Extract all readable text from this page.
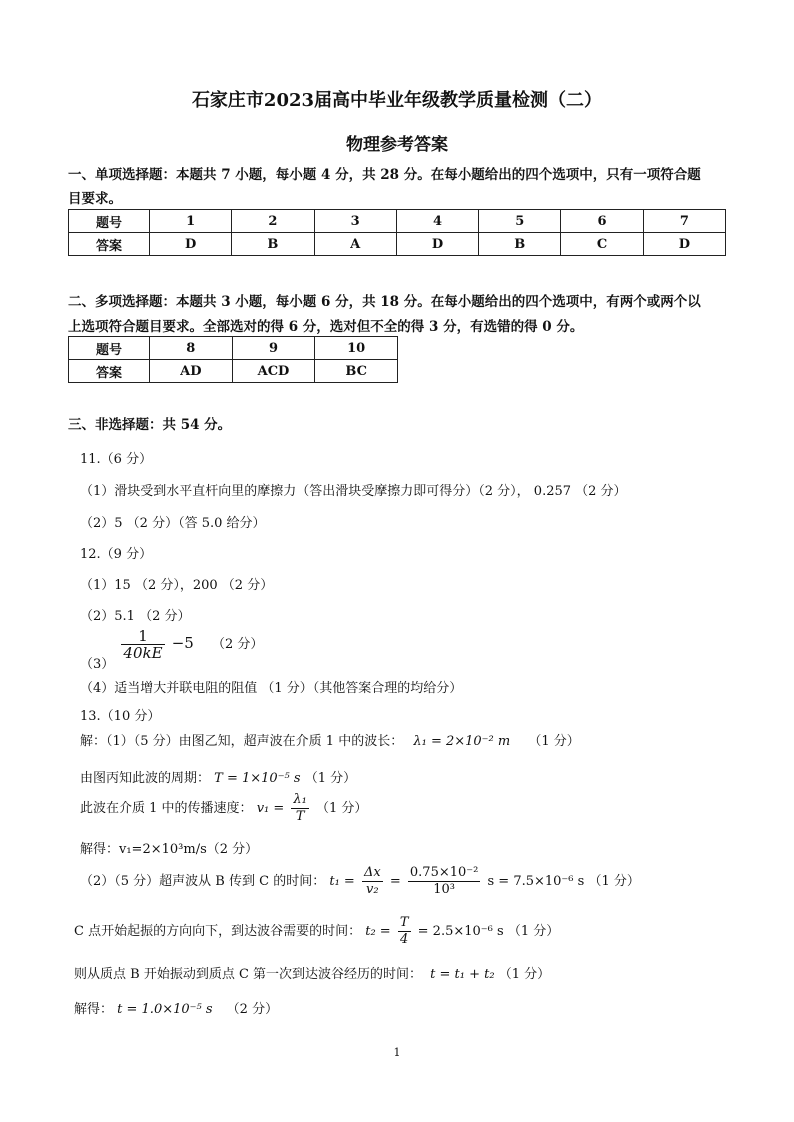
石家庄市2023届高中毕业年级教学质量检测（二）
物理参考答案
一、单项选择题：本题共 7 小题，每小题 4 分，共 28 分。在每小题给出的四个选项中，只有一项符合题
目要求。
题号	1	2	3	4	5	6	7
答案	D	B	A	D	B	C	D
二、多项选择题：本题共 3 小题，每小题 6 分，共 18 分。在每小题给出的四个选项中，有两个或两个以
上选项符合题目要求。全部选对的得 6 分，选对但不全的得 3 分，有选错的得 0 分。
题号	8	9	10
答案	AD	ACD	BC
三、非选择题：共 54 分。
11.（6 分）
（1）滑块受到水平直杆向里的摩擦力（答出滑块受摩擦力即可得分）（2 分）， 0.257 （2 分）
（2）5 （2 分）（答 5.0 给分）
12.（9 分）
（1）15 （2 分），200 （2 分）
（2）5.1 （2 分）
（3）
$\frac{1}{40kE} -5$ （2 分）
（4）适当增大并联电阻的阻值 （1 分）（其他答案合理的均给分）
13.（10 分）
解：（1）（5 分）由图乙知，超声波在介质 1 中的波长： λ₁ = 2×10⁻² m （1 分）
由图丙知此波的周期： T = 1×10⁻⁵ s （1 分）
此波在介质 1 中的传播速度： $v_1 = \frac{\text{λ₁}}{T} (1$ 分）
解得：v₁=2×10³m/s（2 分）
（2）（5 分）超声波从 B 传到 C 的时间： $t_1 = \frac{\Delta x}{\text{v₂}} = \frac{\text{0.75×10⁻²}}{\text{10³}}$ s = 7.5×10⁻⁶ s （1 分）
C 点开始起振的方向向下，到达波谷需要的时间： $t_2 = \frac{T}{4} = 2.5\times 10^{-6}$ s （1 分）
则从质点 B 开始振动到质点 C 第一次到达波谷经历的时间： t = t₁ + t₂ （1 分）
解得： t = 1.0×10⁻⁵ s （2 分）
1
